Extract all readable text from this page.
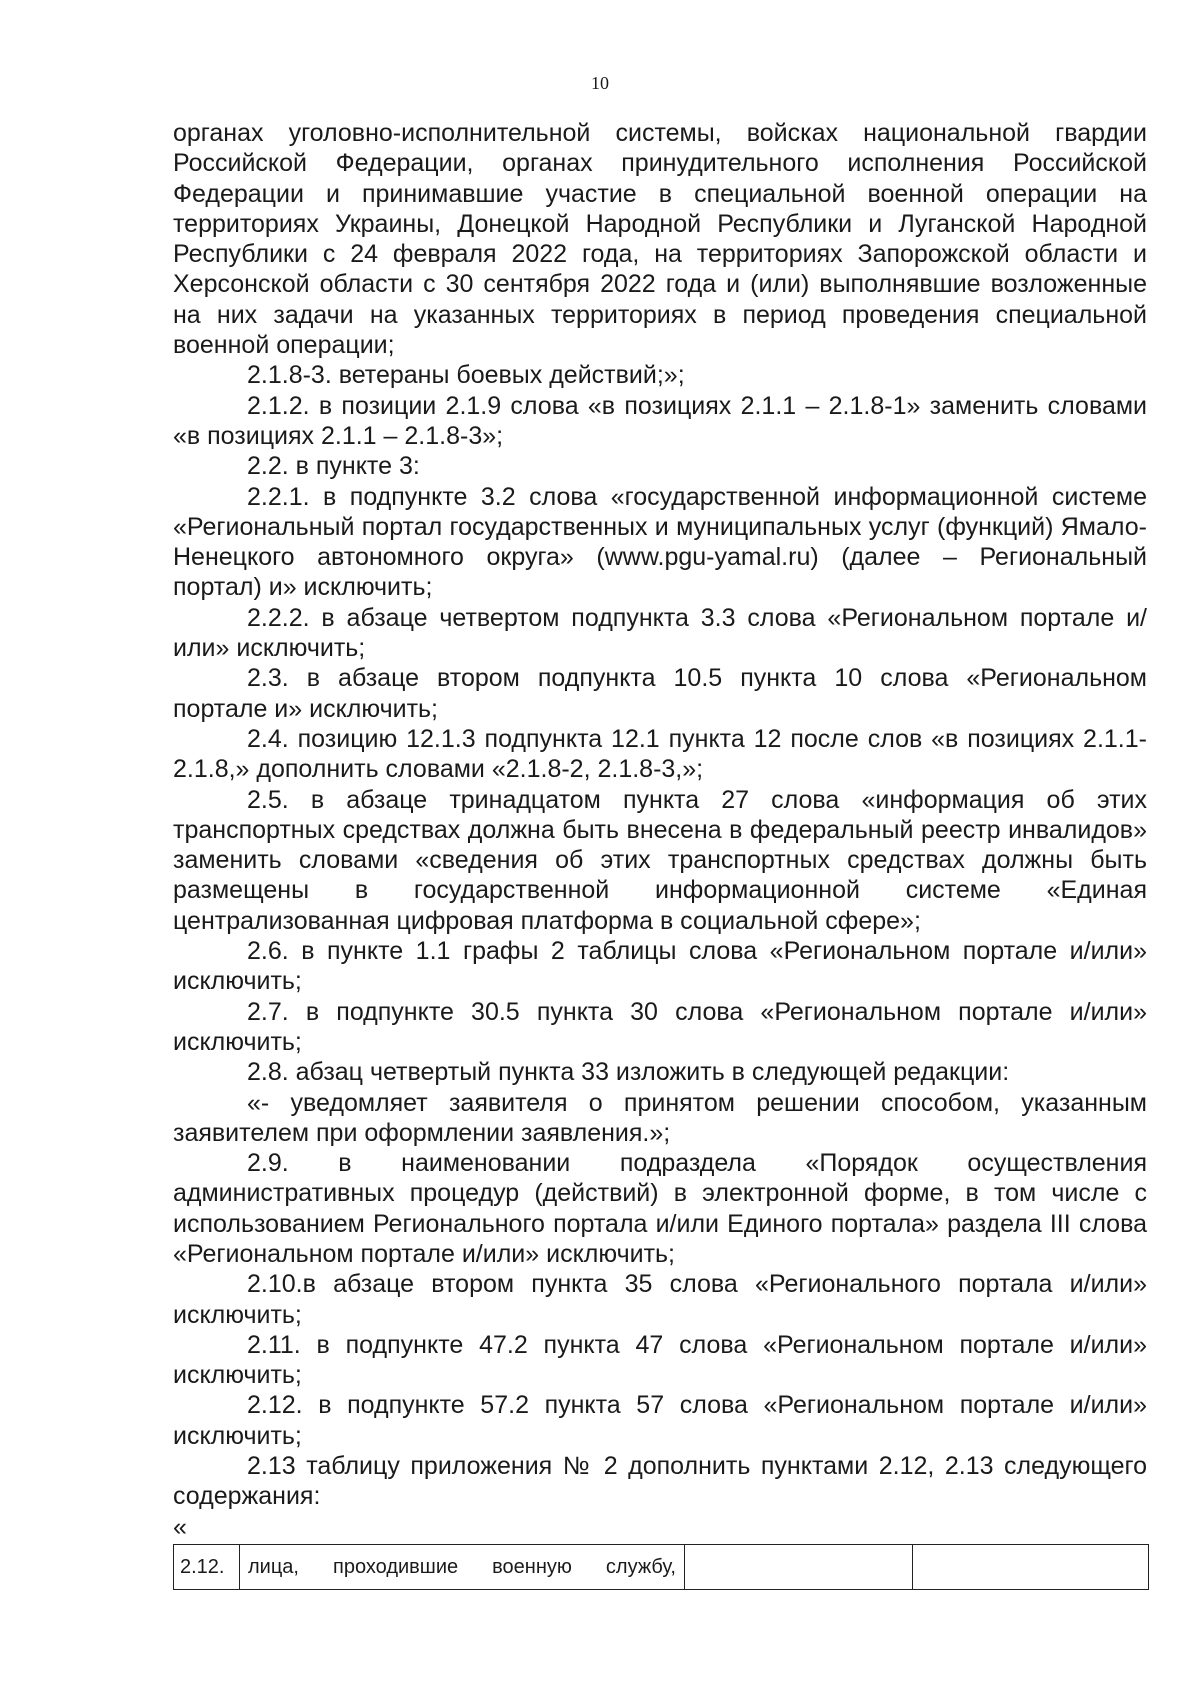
10

органах уголовно-исполнительной системы, войсках национальной гвардии Российской Федерации, органах принудительного исполнения Российской Федерации и принимавшие участие в специальной военной операции на территориях Украины, Донецкой Народной Республики и Луганской Народной Республики с 24 февраля 2022 года, на территориях Запорожской области и Херсонской области с 30 сентября 2022 года и (или) выполнявшие возложенные на них задачи на указанных территориях в период проведения специальной военной операции;

2.1.8-3. ветераны боевых действий;»;

2.1.2. в позиции 2.1.9 слова «в позициях 2.1.1 – 2.1.8-1» заменить словами «в позициях 2.1.1 – 2.1.8-3»;

2.2. в пункте 3:

2.2.1. в подпункте 3.2 слова «государственной информационной системе «Региональный портал государственных и муниципальных услуг (функций) Ямало-Ненецкого автономного округа» (www.pgu-yamal.ru) (далее – Региональный портал) и» исключить;

2.2.2. в абзаце четвертом подпункта 3.3 слова «Региональном портале и/или» исключить;

2.3. в абзаце втором подпункта 10.5 пункта 10 слова «Региональном портале и» исключить;

2.4. позицию 12.1.3 подпункта 12.1 пункта 12 после слов «в позициях 2.1.1-2.1.8,» дополнить словами «2.1.8-2, 2.1.8-3,»;

2.5. в абзаце тринадцатом пункта 27 слова «информация об этих транспортных средствах должна быть внесена в федеральный реестр инвалидов» заменить словами «сведения об этих транспортных средствах должны быть размещены в государственной информационной системе «Единая централизованная цифровая платформа в социальной сфере»;

2.6. в пункте 1.1 графы 2 таблицы слова «Региональном портале и/или» исключить;

2.7. в подпункте 30.5 пункта 30 слова «Региональном портале и/или» исключить;

2.8. абзац четвертый пункта 33 изложить в следующей редакции:

«- уведомляет заявителя о принятом решении способом, указанным заявителем при оформлении заявления.»;

2.9. в наименовании подраздела «Порядок осуществления административных процедур (действий) в электронной форме, в том числе с использованием Регионального портала и/или Единого портала» раздела III слова «Региональном портале и/или» исключить;

2.10.в абзаце втором пункта 35 слова «Регионального портала и/или» исключить;

2.11. в подпункте 47.2 пункта 47 слова «Региональном портале и/или» исключить;

2.12. в подпункте 57.2 пункта 57 слова «Региональном портале и/или» исключить;

2.13 таблицу приложения № 2 дополнить пунктами 2.12, 2.13 следующего содержания:

«
2.12.	лица, проходившие военную службу,		
